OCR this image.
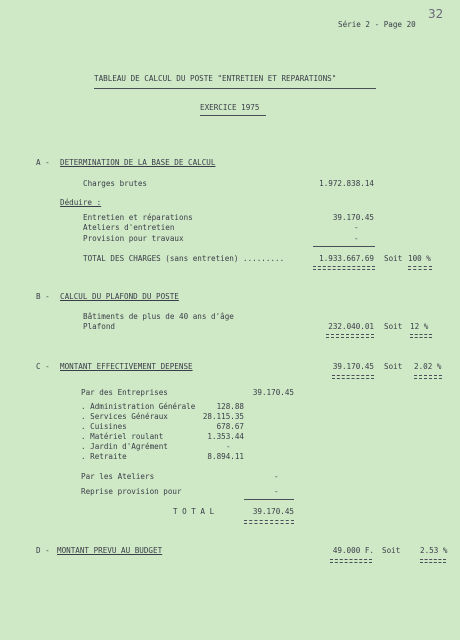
Série 2 - Page 20
32
TABLEAU DE CALCUL DU POSTE "ENTRETIEN ET REPARATIONS"
EXERCICE 1975
A - DETERMINATION DE LA BASE DE CALCUL
Charges brutes	1.972.838.14
Déduire :
Entretien et réparations	39.170.45
Ateliers d'entretien	-
Provision pour travaux	-
TOTAL DES CHARGES (sans entretien) .........	1.933.667.69 Soit 100 %
B - CALCUL DU PLAFOND DU POSTE
Bâtiments de plus de 40 ans d'âge
Plafond	232.040.01 Soit 12 %
C - MONTANT EFFECTIVEMENT DEPENSE	39.170.45 Soit 2.02 %
Par des Entreprises	39.170.45
. Administration Générale	128.88
. Services Généraux	28.115.35
. Cuisines	678.67
. Matériel roulant	1.353.44
. Jardin d'Agrément	-
. Retraite	8.894.11
Par les Ateliers	-
Reprise provision pour	-
T O T A L	39.170.45
D - MONTANT PREVU AU BUDGET	49.000 F. Soit	2.53 %
